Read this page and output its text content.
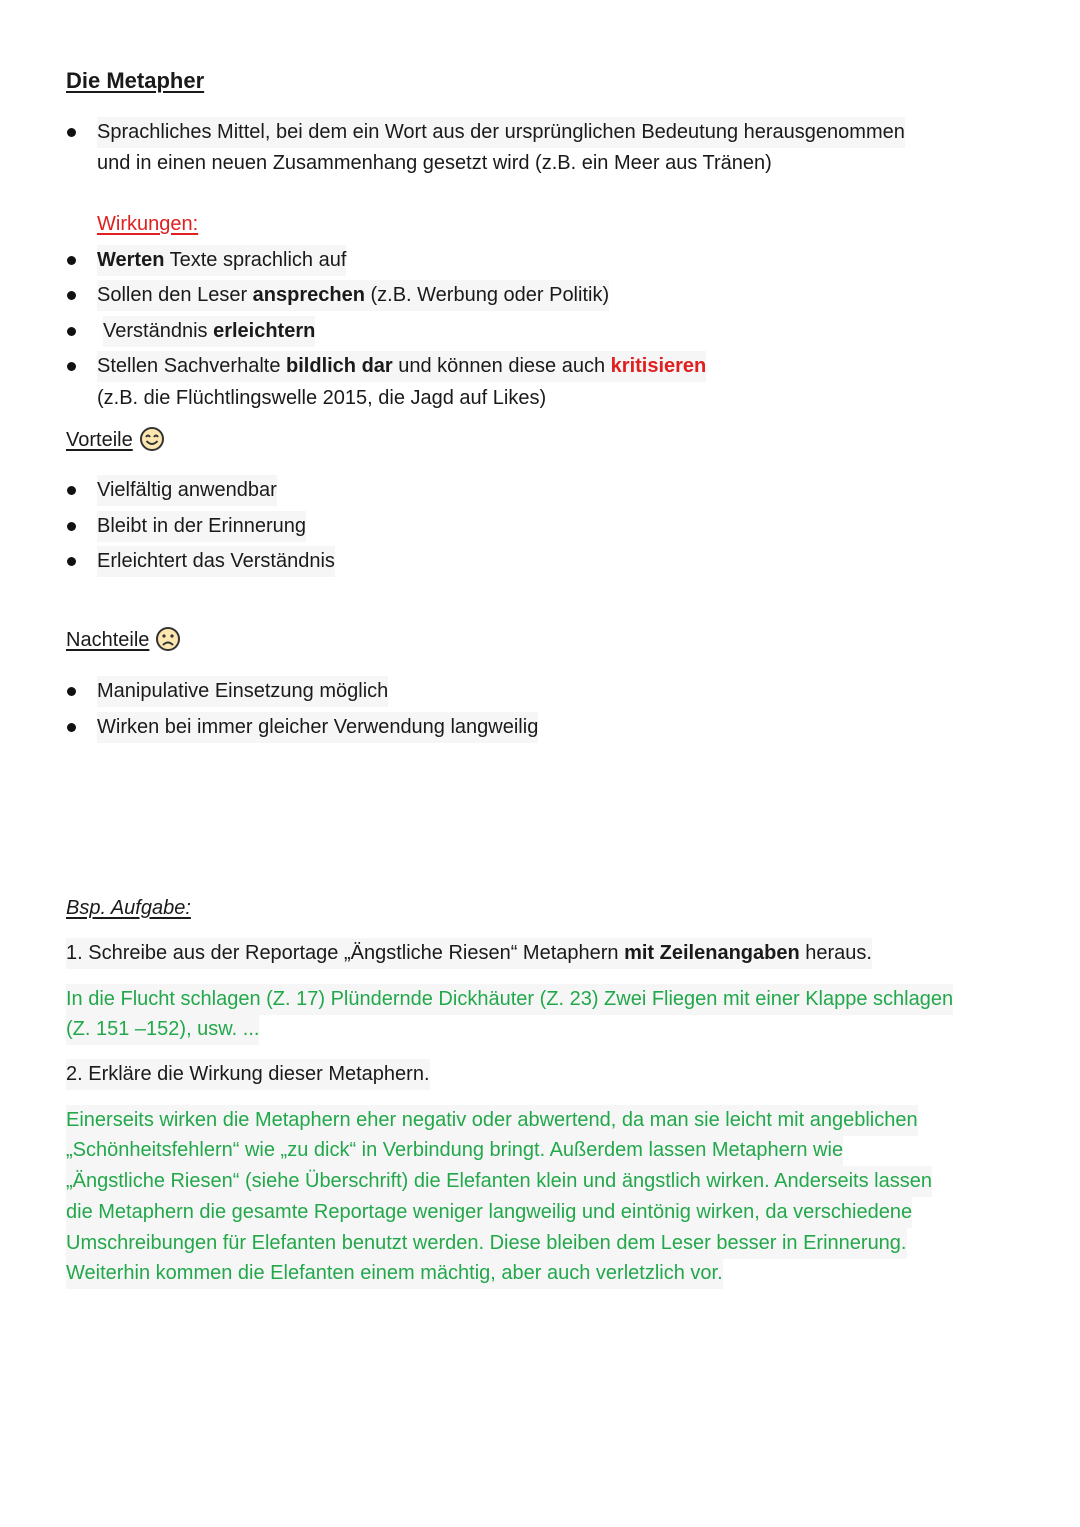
Die Metapher
Sprachliches Mittel, bei dem ein Wort aus der ursprünglichen Bedeutung herausgenommen
und in einen neuen Zusammenhang gesetzt wird (z.B. ein Meer aus Tränen)
Wirkungen:
Werten Texte sprachlich auf
Sollen den Leser ansprechen (z.B. Werbung oder Politik)
Verständnis erleichtern
Stellen Sachverhalte bildlich dar und können diese auch kritisieren
(z.B. die Flüchtlingswelle 2015, die Jagd auf Likes)
Vorteile
Vielfältig anwendbar
Bleibt in der Erinnerung
Erleichtert das Verständnis
Nachteile
Manipulative Einsetzung möglich
Wirken bei immer gleicher Verwendung langweilig
Bsp. Aufgabe:
1. Schreibe aus der Reportage „Ängstliche Riesen“ Metaphern mit Zeilenangaben heraus.
In die Flucht schlagen (Z. 17) Plündernde Dickhäuter (Z. 23) Zwei Fliegen mit einer Klappe schlagen
(Z. 151 –152), usw. ...
2. Erkläre die Wirkung dieser Metaphern.
Einerseits wirken die Metaphern eher negativ oder abwertend, da man sie leicht mit angeblichen
„Schönheitsfehlern“ wie „zu dick“ in Verbindung bringt. Außerdem lassen Metaphern wie
„Ängstliche Riesen“ (siehe Überschrift) die Elefanten klein und ängstlich wirken. Anderseits lassen
die Metaphern die gesamte Reportage weniger langweilig und eintönig wirken, da verschiedene
Umschreibungen für Elefanten benutzt werden. Diese bleiben dem Leser besser in Erinnerung.
Weiterhin kommen die Elefanten einem mächtig, aber auch verletzlich vor.
